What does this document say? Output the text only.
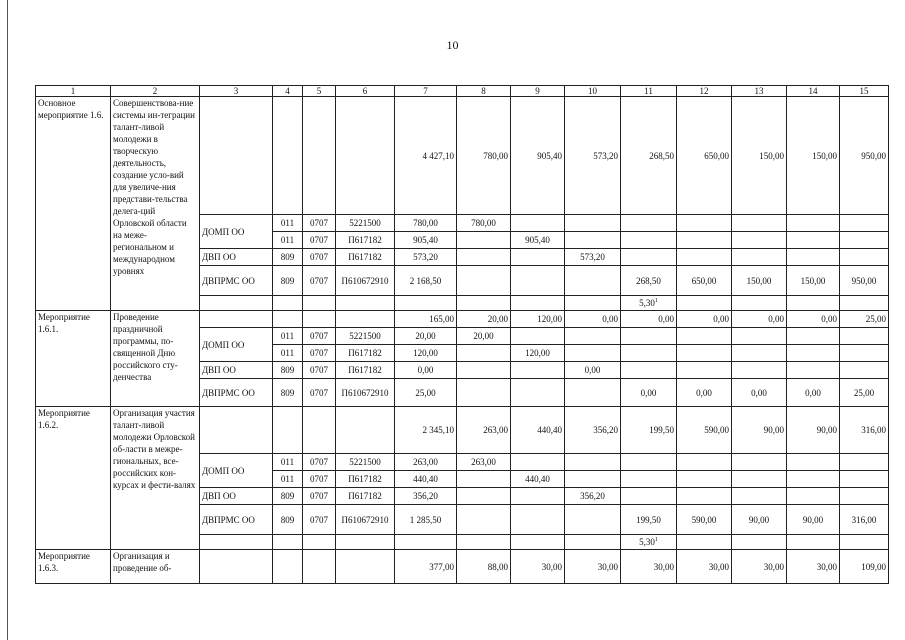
10
1	2	3	4	5	6	7	8	9	10	11	12	13	14	15
Основное мероприятие 1.6.	Совершенствова-ние системы ин-теграции талант-ливой молодежи в творческую деятельность, создание усло-вий для увеличе-ния представи-тельства делега-ций Орловской области на меже-региональном и международном уровнях					4 427,10	780,00	905,40	573,20	268,50	650,00	150,00	150,00	950,00
		ДОМП ОО	011	0707	5221500	780,00	780,00							
			011	0707	П617182	905,40		905,40						
		ДВП ОО	809	0707	П617182	573,20			573,20					
		ДВПРМС ОО	809	0707	П610672910	2 168,50				268,50	650,00	150,00	150,00	950,00
										5,30$^1$				
Мероприятие 1.6.1.	Проведение праздничной программы, по-священной Дню российского сту-денчества					165,00	20,00	120,00	0,00	0,00	0,00	0,00	0,00	25,00
		ДОМП ОО	011	0707	5221500	20,00	20,00							
			011	0707	П617182	120,00		120,00						
		ДВП ОО	809	0707	П617182	0,00			0,00					
		ДВПРМС ОО	809	0707	П610672910	25,00				0,00	0,00	0,00	0,00	25,00
Мероприятие 1.6.2.	Организация участия талант-ливой молодежи Орловской об-ласти в межре-гиональных, все-российских кон-курсах и фести-валях					2 345,10	263,00	440,40	356,20	199,50	590,00	90,00	90,00	316,00
		ДОМП ОО	011	0707	5221500	263,00	263,00							
			011	0707	П617182	440,40		440,40						
		ДВП ОО	809	0707	П617182	356,20			356,20					
		ДВПРМС ОО	809	0707	П610672910	1 285,50				199,50	590,00	90,00	90,00	316,00
										5,30$^1$				
Мероприятие 1.6.3.	Организация и проведение об-					377,00	88,00	30,00	30,00	30,00	30,00	30,00	30,00	109,00
